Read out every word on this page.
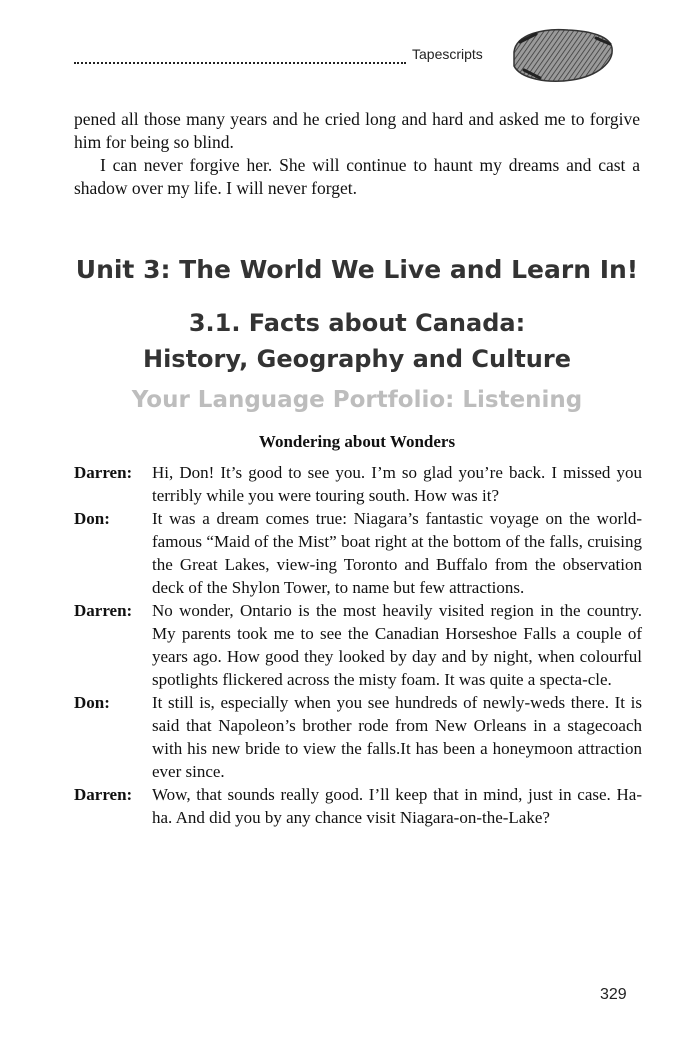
Tapescripts

pened all those many years and he cried long and hard and asked me to forgive him for being so blind.

I can never forgive her. She will continue to haunt my dreams and cast a shadow over my life. I will never forget.

Unit 3: The World We Live and Learn In!
3.1. Facts about Canada:
History, Geography and Culture
Your Language Portfolio: Listening
Wondering about Wonders
Darren:	Hi, Don! It’s good to see you. I’m so glad you’re back. I missed you terribly while you were touring south. How was it?
Don:	It was a dream comes true: Niagara’s fantastic voyage on the world-famous “Maid of the Mist” boat right at the bottom of the falls, cruising the Great Lakes, view-ing Toronto and Buffalo from the observation deck of the Shylon Tower, to name but few attractions.
Darren:	No wonder, Ontario is the most heavily visited region in the country. My parents took me to see the Canadian Horseshoe Falls a couple of years ago. How good they looked by day and by night, when colourful spotlights flickered across the misty foam. It was quite a specta-cle.
Don:	It still is, especially when you see hundreds of newly-weds there. It is said that Napoleon’s brother rode from New Orleans in a stagecoach with his new bride to view the falls.It has been a honeymoon attraction ever since.
Darren:	Wow, that sounds really good. I’ll keep that in mind, just in case. Ha-ha. And did you by any chance visit Niagara-on-the-Lake?
329
